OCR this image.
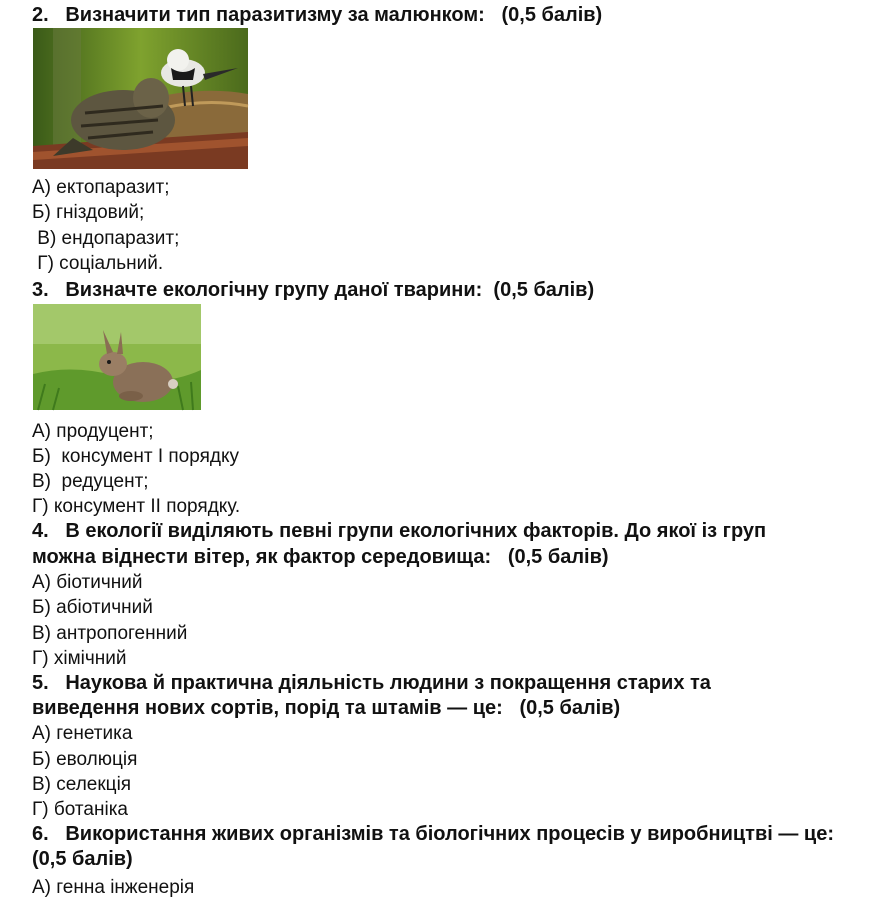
2. Визначити тип паразитизму за малюнком: (0,5 балів)

А) ектопаразит;

Б) гніздовий;

В) ендопаразит;

Г) соціальний.

3. Визначте екологічну групу даної тварини: (0,5 балів)

А) продуцент;

Б)  консумент І порядку

В)  редуцент;

Г) консумент ІІ порядку.

4. В екології виділяють певні групи екологічних факторів. До якої із груп

можна віднести вітер, як фактор середовища: (0,5 балів)

А) біотичний

Б) абіотичний

В) антропогенний

Г) хімічний

5. Наукова й практична діяльність людини з покращення старих та

виведення нових сортів, порід та штамів — це: (0,5 балів)

А) генетика

Б) еволюція

В) селекція

Г) ботаніка

6. Використання живих організмів та біологічних процесів у виробництві — це:

(0,5 балів)

А) генна інженерія
